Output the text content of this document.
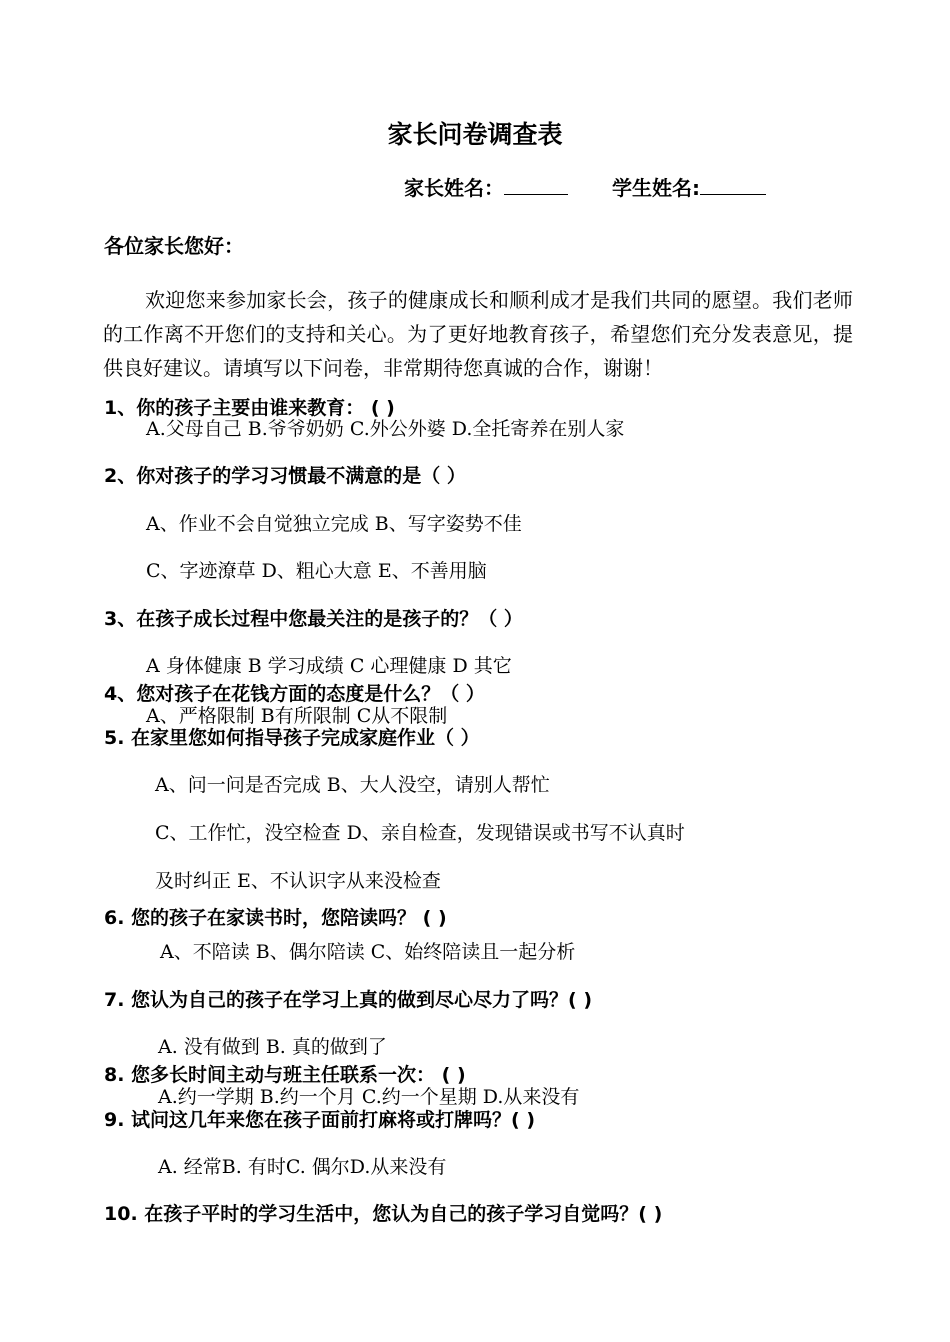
家长问卷调查表
家长姓名：	学生姓名:
各位家长您好：

欢迎您来参加家长会，孩子的健康成长和顺利成才是我们共同的愿望。我们老师的工作离不开您们的支持和关心。为了更好地教育孩子，希望您们充分发表意见，提供良好建议。请填写以下问卷，非常期待您真诚的合作，谢谢！

1、你的孩子主要由谁来教育： ( )
A.父母自己 B.爷爷奶奶 C.外公外婆 D.全托寄养在别人家
2、你对孩子的学习习惯最不满意的是（ ）
A、作业不会自觉独立完成 B、写字姿势不佳
C、字迹潦草 D、粗心大意 E、不善用脑
3、在孩子成长过程中您最关注的是孩子的？（ ）
A 身体健康 B 学习成绩 C 心理健康 D 其它
4、您对孩子在花钱方面的态度是什么？（ ）
A、严格限制 B有所限制 C从不限制
5. 在家里您如何指导孩子完成家庭作业（ ）
A、问一问是否完成 B、大人没空，请别人帮忙
C、工作忙，没空检查 D、亲自检查，发现错误或书写不认真时
及时纠正 E、不认识字从来没检查
6. 您的孩子在家读书时，您陪读吗？ ( )
A、不陪读 B、偶尔陪读 C、始终陪读且一起分析
7. 您认为自己的孩子在学习上真的做到尽心尽力了吗？( )
A. 没有做到 B. 真的做到了
8. 您多长时间主动与班主任联系一次： ( )
A.约一学期 B.约一个月 C.约一个星期 D.从来没有
9. 试问这几年来您在孩子面前打麻将或打牌吗？( )
A. 经常B. 有时C. 偶尔D.从来没有
10. 在孩子平时的学习生活中，您认为自己的孩子学习自觉吗？( )
